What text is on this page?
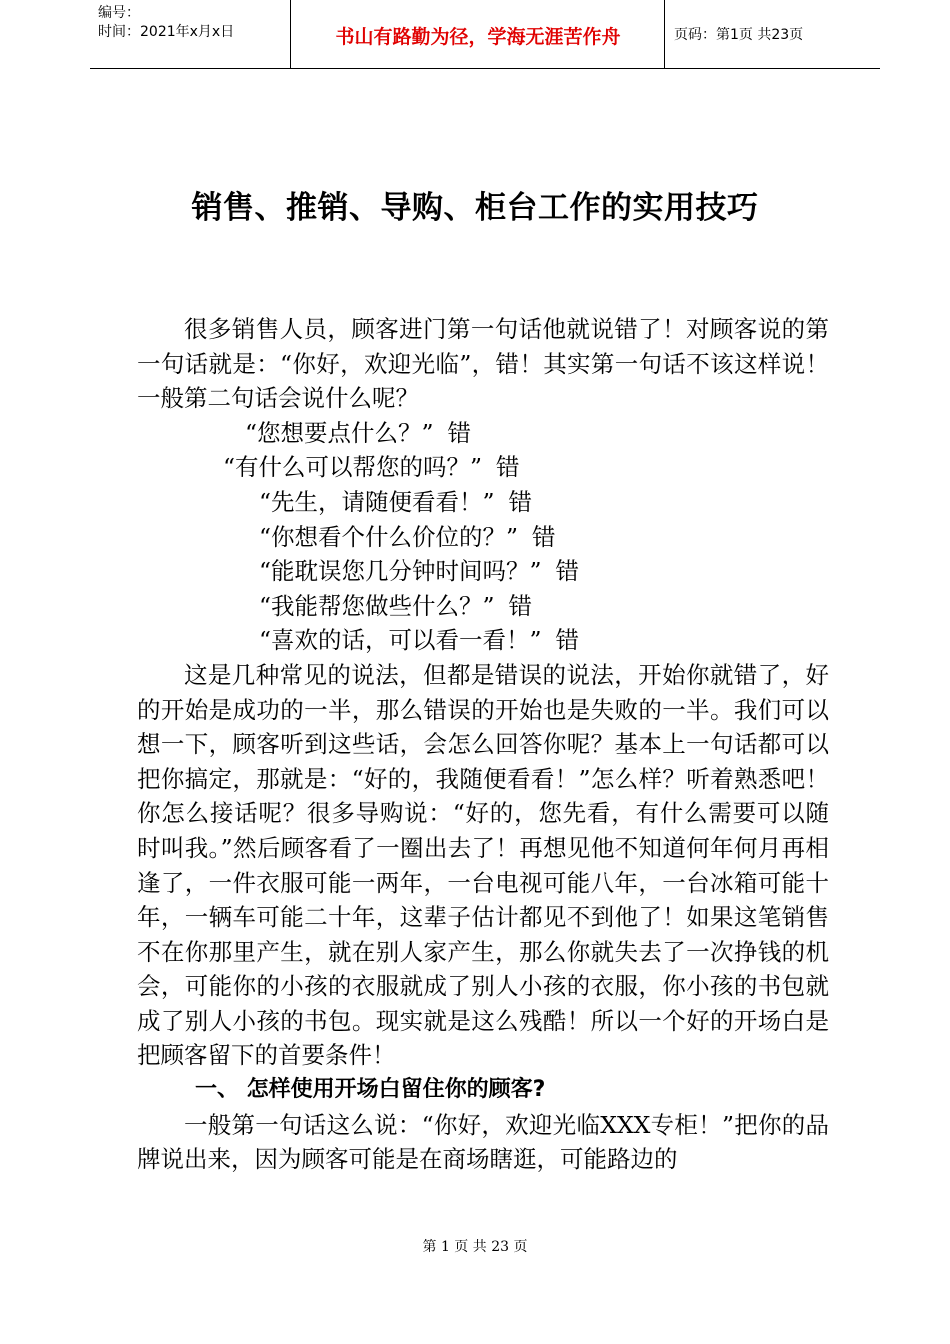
编号：
时间：2021年x月x日	书山有路勤为径，学海无涯苦作舟	页码：第1页 共23页
销售、推销、导购、柜台工作的实用技巧

很多销售人员，顾客进门第一句话他就说错了！对顾客说的第一句话就是：“你好，欢迎光临”，错！其实第一句话不该这样说！一般第二句话会说什么呢？

“您想要点什么？” 错

“有什么可以帮您的吗？” 错

“先生，请随便看看！” 错

“你想看个什么价位的？” 错

“能耽误您几分钟时间吗？” 错

“我能帮您做些什么？” 错

“喜欢的话，可以看一看！” 错

这是几种常见的说法，但都是错误的说法，开始你就错了，好的开始是成功的一半，那么错误的开始也是失败的一半。我们可以想一下，顾客听到这些话，会怎么回答你呢？基本上一句话都可以把你搞定，那就是：“好的，我随便看看！”怎么样？听着熟悉吧！你怎么接话呢？很多导购说：“好的，您先看，有什么需要可以随时叫我。”然后顾客看了一圈出去了！再想见他不知道何年何月再相逢了，一件衣服可能一两年，一台电视可能八年，一台冰箱可能十年，一辆车可能二十年，这辈子估计都见不到他了！如果这笔销售不在你那里产生，就在别人家产生，那么你就失去了一次挣钱的机会，可能你的小孩的衣服就成了别人小孩的衣服，你小孩的书包就成了别人小孩的书包。现实就是这么残酷！所以一个好的开场白是把顾客留下的首要条件！

一、 怎样使用开场白留住你的顾客?

一般第一句话这么说：“你好，欢迎光临XXX专柜！”把你的品牌说出来，因为顾客可能是在商场瞎逛，可能路边的

第 1 页 共 23 页
